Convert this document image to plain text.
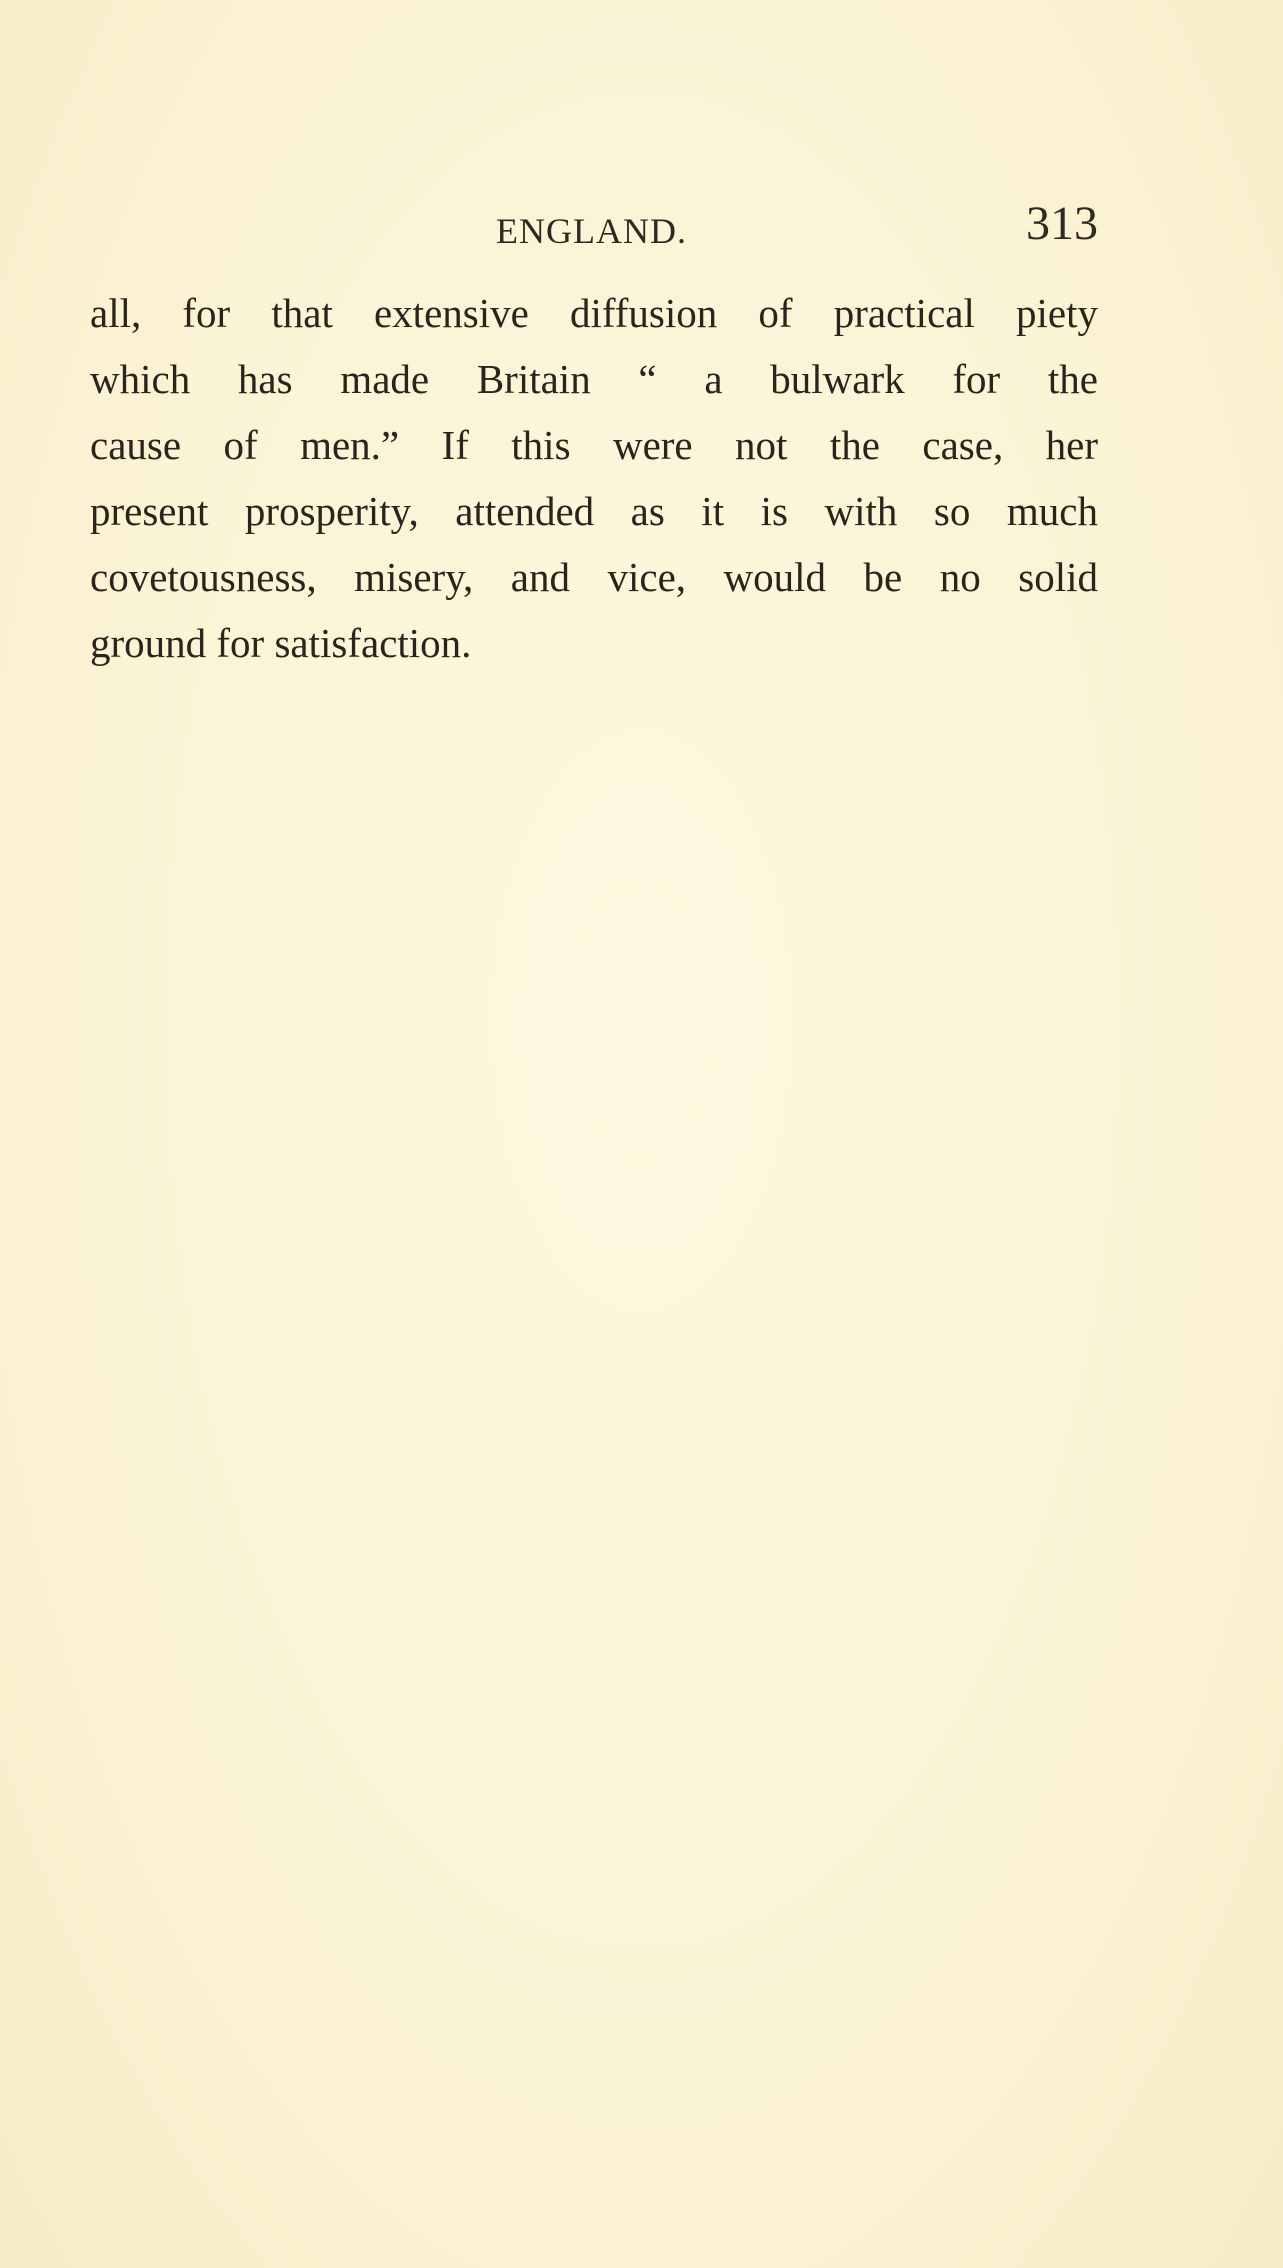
ENGLAND.	313
all, for that extensive diffusion of practical piety
which has made Britain “ a bulwark for the
cause of men.” If this were not the case, her
present prosperity, attended as it is with so much
covetousness, misery, and vice, would be no solid
ground for satisfaction.
